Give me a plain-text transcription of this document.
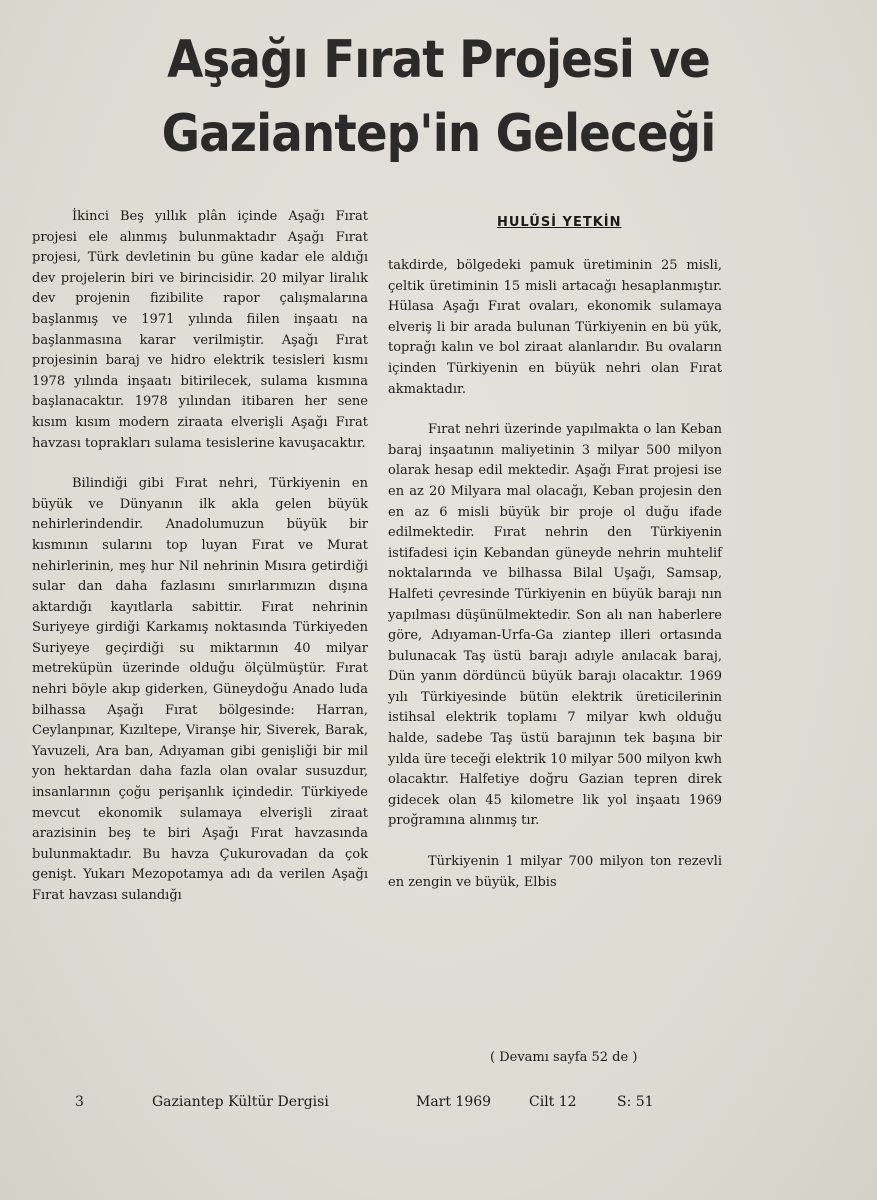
Aşağı Fırat Projesi ve
Gaziantep'in Geleceği

İkinci Beş yıllık plân içinde Aşağı Fırat projesi ele alınmış bulunmaktadır Aşağı Fırat projesi, Türk devletinin bu güne kadar ele aldığı dev projelerin biri ve birincisidir. 20 milyar liralık dev projenin fizibilite rapor çalışmalarına başlanmış ve 1971 yılında fiilen inşaatı na başlanmasına karar verilmiştir. Aşağı Fırat projesinin baraj ve hidro elektrik tesisleri kısmı 1978 yılında inşaatı bitirilecek, sulama kısmına başlanacaktır. 1978 yılından itibaren her sene kısım kısım modern ziraata elverişli Aşağı Fırat havzası toprakları sulama tesislerine kavuşacaktır.

Bilindiği gibi Fırat nehri, Türkiyenin en büyük ve Dünyanın ilk akla gelen büyük nehirlerindendir. Anadolumuzun büyük bir kısmının sularını top luyan Fırat ve Murat nehirlerinin, meş hur Nil nehrinin Mısıra getirdiği sular dan daha fazlasını sınırlarımızın dışına aktardığı kayıtlarla sabittir. Fırat nehrinin Suriyeye girdiği Karkamış noktasında Türkiyeden Suriyeye geçirdiği su miktarının 40 milyar metreküpün üzerinde olduğu ölçülmüştür. Fırat nehri böyle akıp giderken, Güneydoğu Anado luda bilhassa Aşağı Fırat bölgesinde: Harran, Ceylanpınar, Kızıltepe, Viranşe hir, Siverek, Barak, Yavuzeli, Ara ban, Adıyaman gibi genişliği bir mil yon hektardan daha fazla olan ovalar susuzdur, insanlarının çoğu perişanlık içindedir. Türkiyede mevcut ekonomik sulamaya elverişli ziraat arazisinin beş te biri Aşağı Fırat havzasında bulunmaktadır. Bu havza Çukurovadan da çok genişt. Yukarı Mezopotamya adı da verilen Aşağı Fırat havzası sulandığı

HULÛSİ YETKİN

takdirde, bölgedeki pamuk üretiminin 25 misli, çeltik üretiminin 15 misli artacağı hesaplanmıştır. Hülasa Aşağı Fırat ovaları, ekonomik sulamaya elveriş li bir arada bulunan Türkiyenin en bü yük, toprağı kalın ve bol ziraat alanlarıdır. Bu ovaların içinden Türkiyenin en büyük nehri olan Fırat akmaktadır.

Fırat nehri üzerinde yapılmakta o lan Keban baraj inşaatının maliyetinin 3 milyar 500 milyon olarak hesap edil mektedir. Aşağı Fırat projesi ise en az 20 Milyara mal olacağı, Keban projesin den en az 6 misli büyük bir proje ol duğu ifade edilmektedir. Fırat nehrin den Türkiyenin istifadesi için Kebandan güneyde nehrin muhtelif noktalarında ve bilhassa Bilal Uşağı, Samsap, Halfeti çevresinde Türkiyenin en büyük barajı nın yapılması düşünülmektedir. Son alı nan haberlere göre, Adıyaman-Urfa-Ga ziantep illeri ortasında bulunacak Taş üstü barajı adıyle anılacak baraj, Dün yanın dördüncü büyük barajı olacaktır. 1969 yılı Türkiyesinde bütün elektrik üreticilerinin istihsal elektrik toplamı 7 milyar kwh olduğu halde, sadebe Taş üstü barajının tek başına bir yılda üre teceği elektrik 10 milyar 500 milyon kwh olacaktır. Halfetiye doğru Gazian tepren direk gidecek olan 45 kilometre lik yol inşaatı 1969 proğramına alınmış tır.

Türkiyenin 1 milyar 700 milyon ton rezevli en zengin ve büyük, Elbis

( Devamı sayfa 52 de )
3	Gaziantep Kültür Dergisi	Mart 1969	Cilt 12	S: 51
